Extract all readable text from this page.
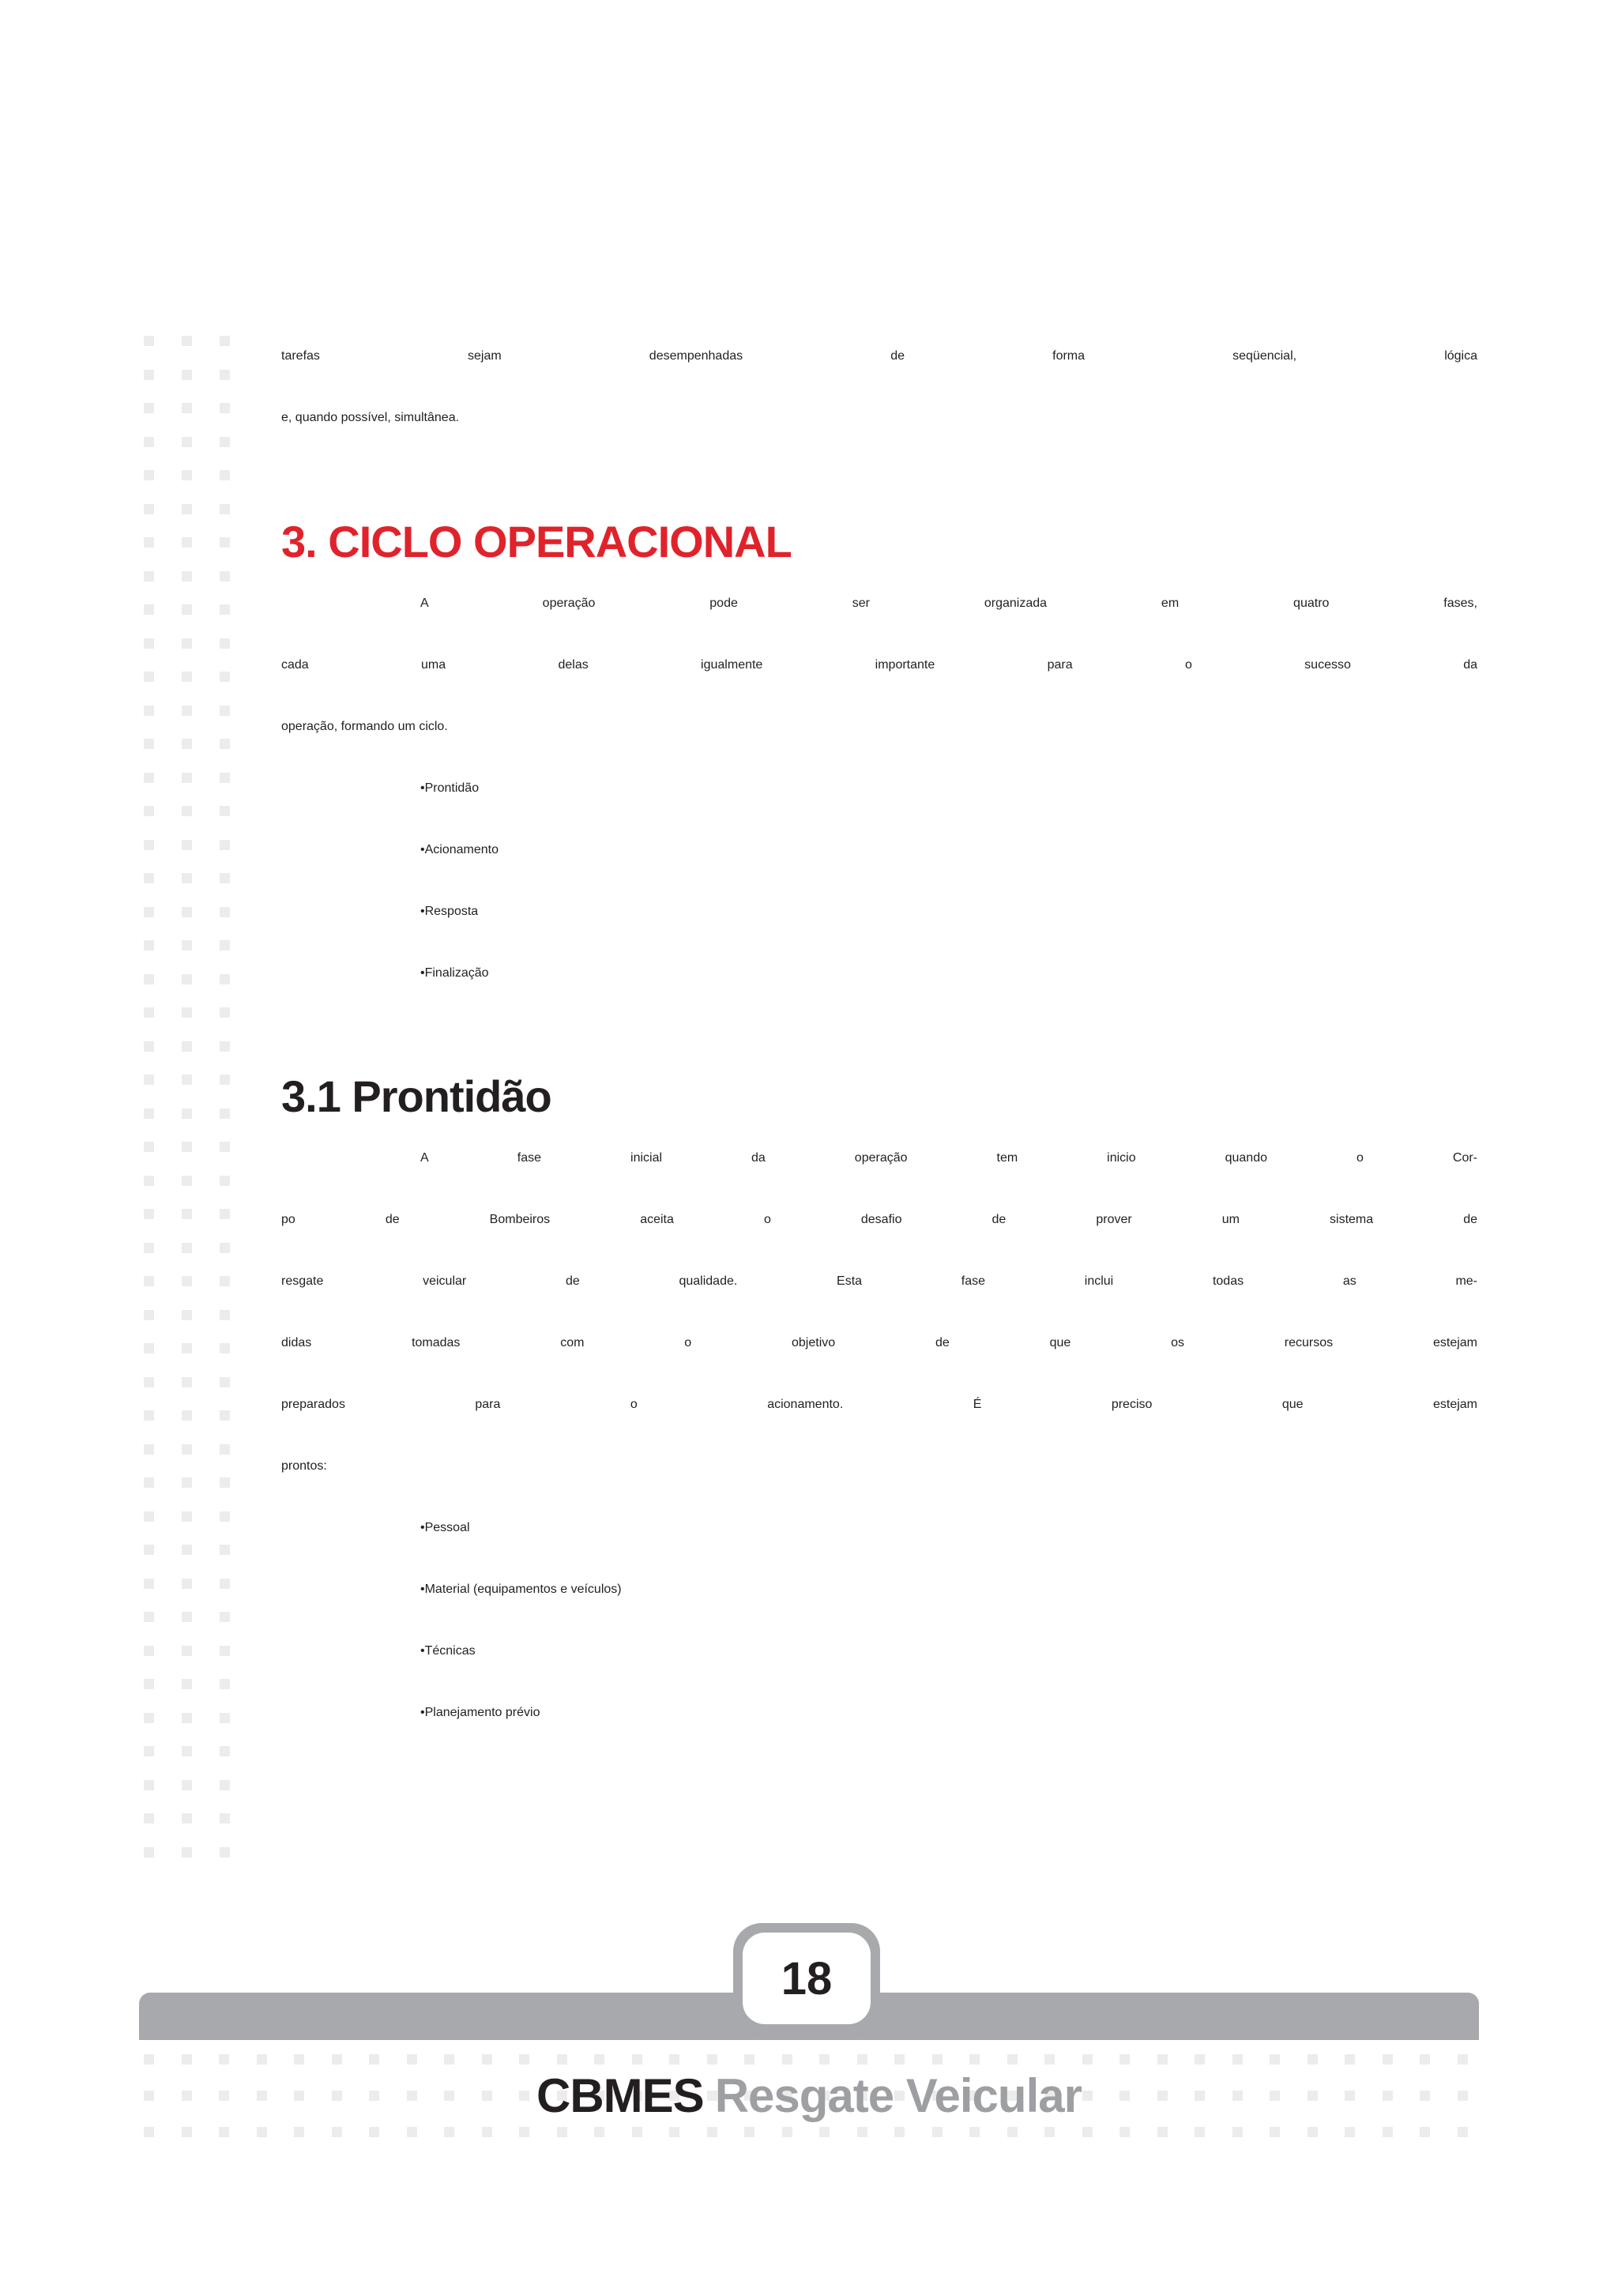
tarefas sejam desempenhadas de forma seqüencial, lógica
e, quando possível, simultânea.
3. CICLO OPERACIONAL
A operação pode ser organizada em quatro fases,
cada uma delas igualmente importante para o sucesso da
operação, formando um ciclo.
•Prontidão
•Acionamento
•Resposta
•Finalização
3.1 Prontidão
A fase inicial da operação tem inicio quando o Cor-
po de Bombeiros aceita o desafio de prover um sistema de
resgate veicular de qualidade. Esta fase inclui todas as me-
didas tomadas com o objetivo de que os recursos estejam
preparados para o acionamento. É preciso que estejam
prontos:
•Pessoal
•Material (equipamentos e veículos)
•Técnicas
•Planejamento prévio
18
CBMES Resgate Veicular
